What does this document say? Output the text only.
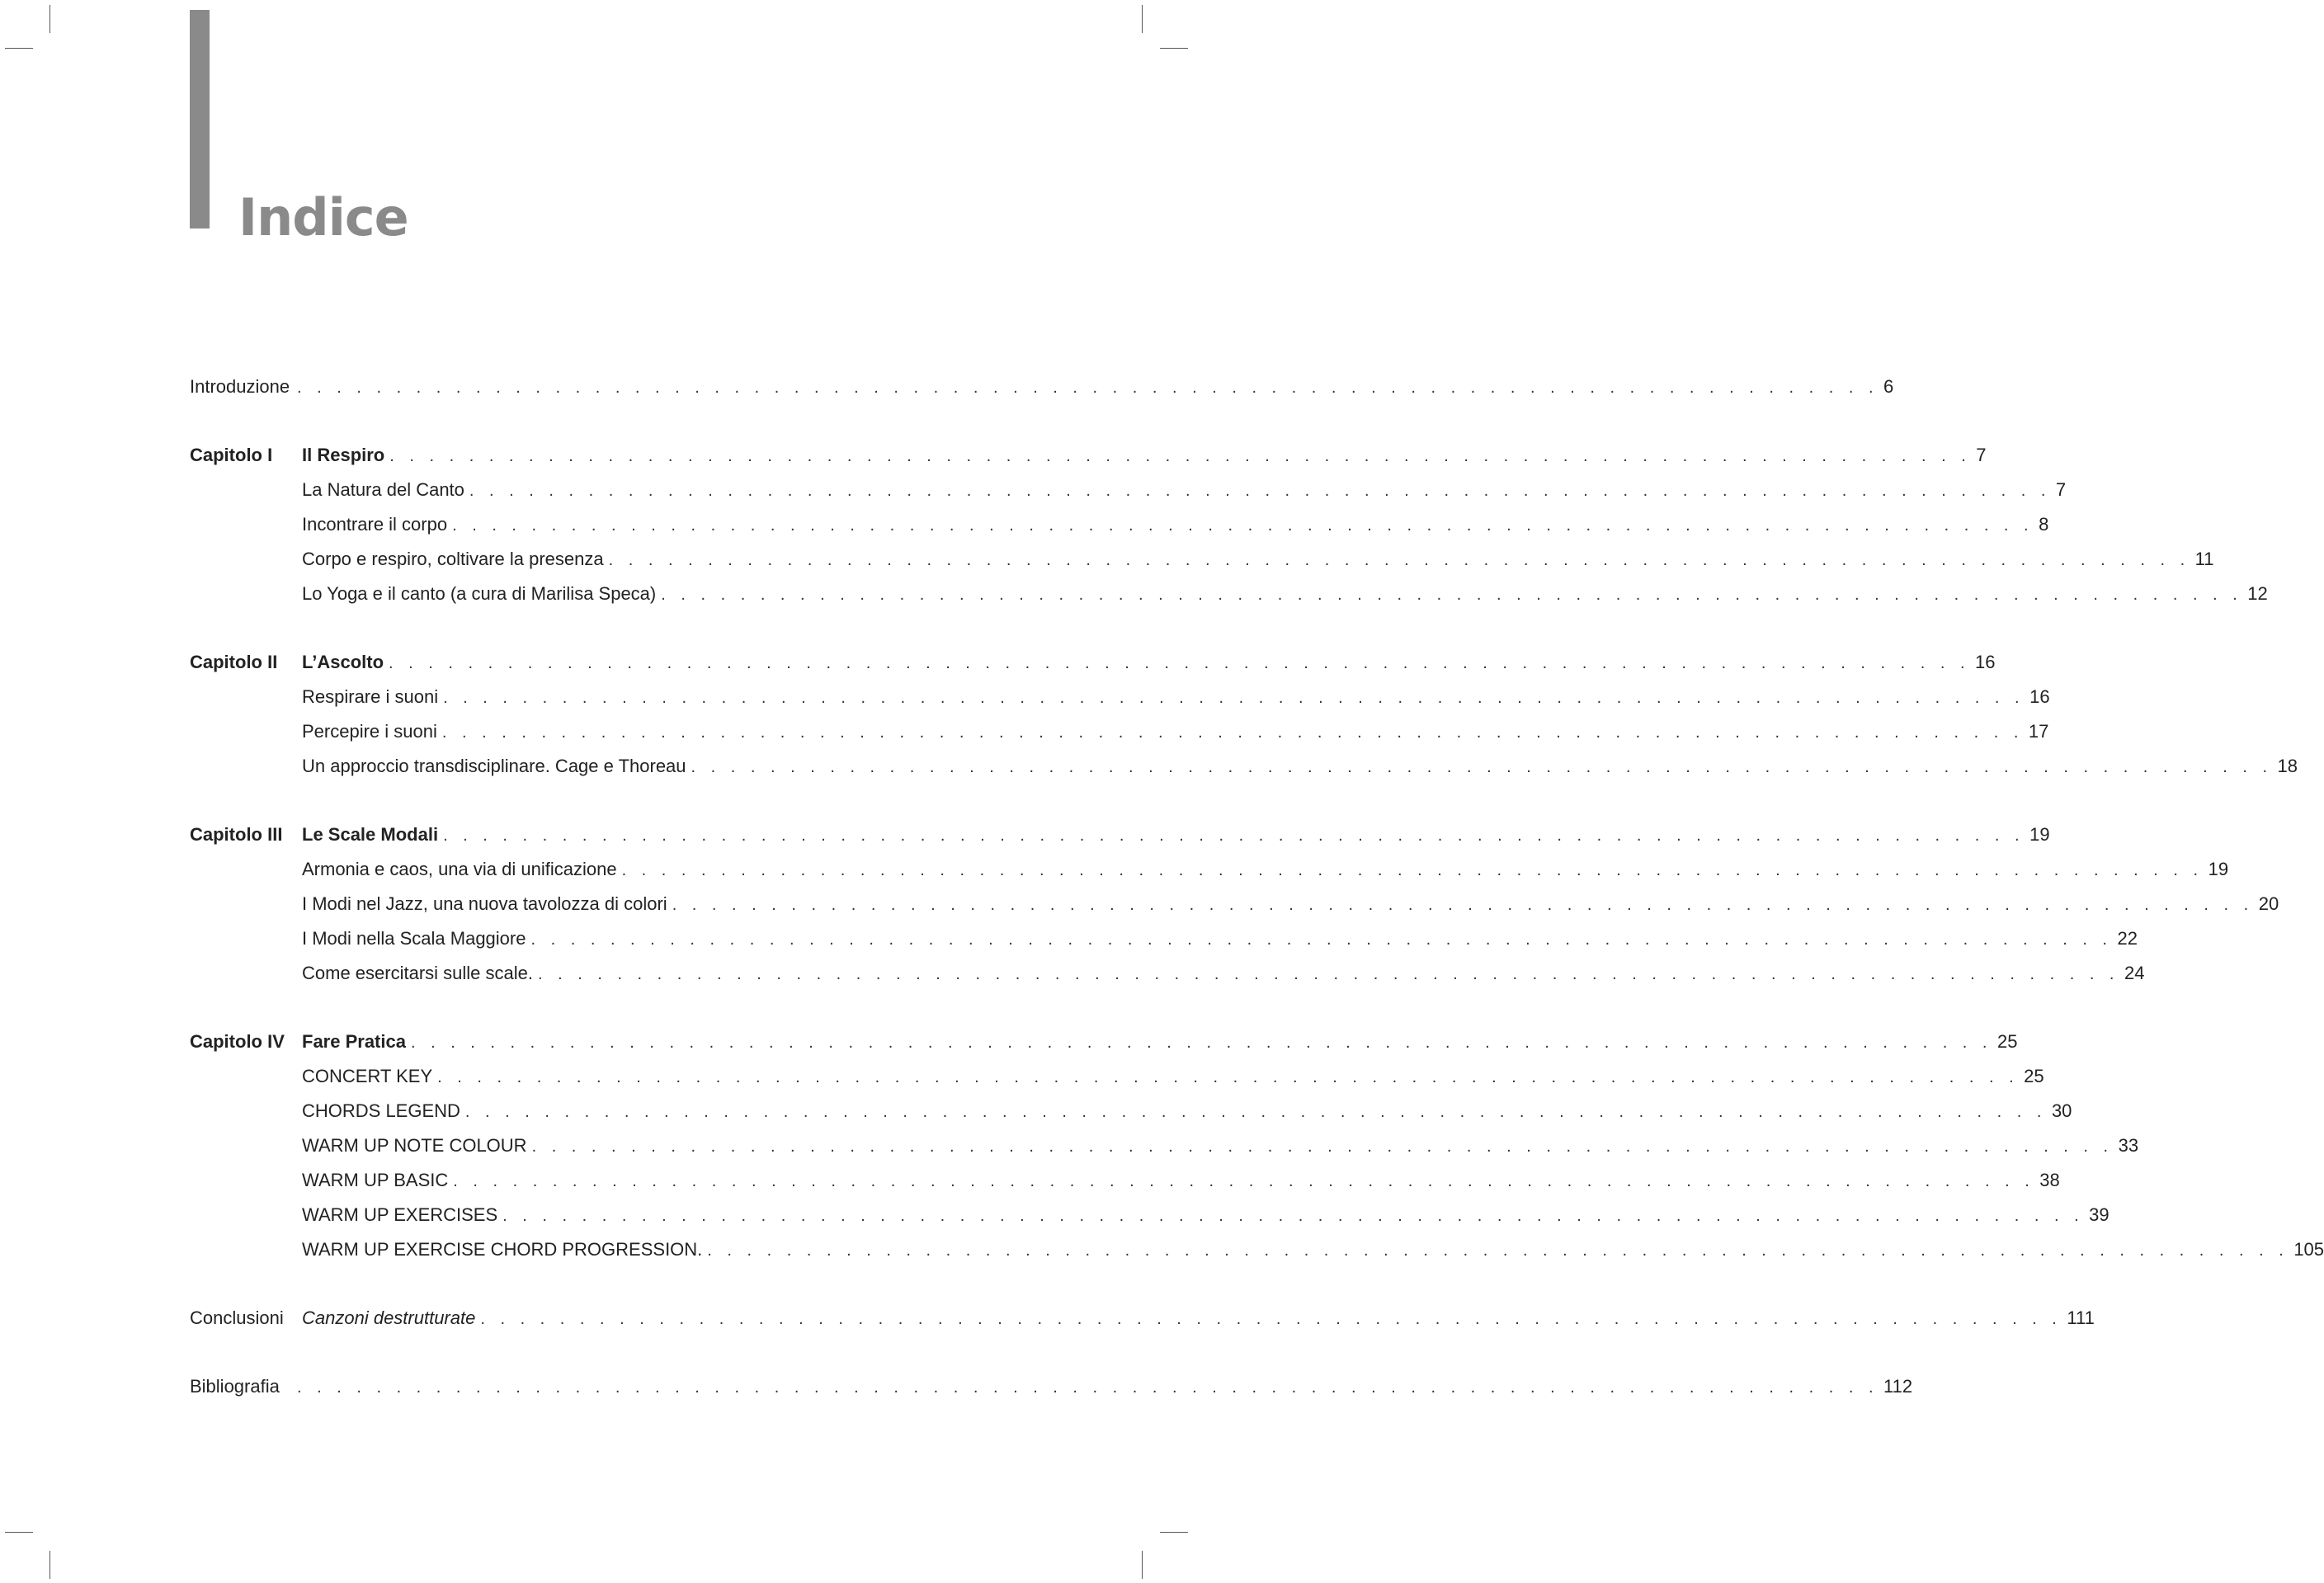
Indice
Introduzione . . . . . . . . . . . . . . . . . . . . . . . . . . . . . . . . . . . . . . . . . . . . . . . . . . . . . . . . . . . . . . . . . . . . . . . . . . . . . . . . 6
Capitolo I Il Respiro . . . . . . . . . . . . . . . . . . . . . . . . . . . . . . . . . . . . . . . . . . . . . . . . . . . . . . . . . . . . . . . . . . . . . . . . . . . . . . . . 7
La Natura del Canto . . . . . . . . . . . . . . . . . . . . . . . . . . . . . . . . . . . . . . . . . . . . . . . . . . . . . . . . . . . . . . . . . . . . . . . . . . . . . . . . 7
Incontrare il corpo . . . . . . . . . . . . . . . . . . . . . . . . . . . . . . . . . . . . . . . . . . . . . . . . . . . . . . . . . . . . . . . . . . . . . . . . . . . . . . . . 8
Corpo e respiro, coltivare la presenza . . . . . . . . . . . . . . . . . . . . . . . . . . . . . . . . . . . . . . . . . . . . . . . . . . . . . . . . . . . . . . . . . . . . . . . . . . . . . . . . 11
Lo Yoga e il canto (a cura di Marilisa Speca) . . . . . . . . . . . . . . . . . . . . . . . . . . . . . . . . . . . . . . . . . . . . . . . . . . . . . . . . . . . . . . . . . . . . . . . . . . . . . . . . 12
Capitolo II L’Ascolto . . . . . . . . . . . . . . . . . . . . . . . . . . . . . . . . . . . . . . . . . . . . . . . . . . . . . . . . . . . . . . . . . . . . . . . . . . . . . . . . 16
Respirare i suoni . . . . . . . . . . . . . . . . . . . . . . . . . . . . . . . . . . . . . . . . . . . . . . . . . . . . . . . . . . . . . . . . . . . . . . . . . . . . . . . . 16
Percepire i suoni . . . . . . . . . . . . . . . . . . . . . . . . . . . . . . . . . . . . . . . . . . . . . . . . . . . . . . . . . . . . . . . . . . . . . . . . . . . . . . . . 17
Un approccio transdisciplinare. Cage e Thoreau . . . . . . . . . . . . . . . . . . . . . . . . . . . . . . . . . . . . . . . . . . . . . . . . . . . . . . . . . . . . . . . . . . . . . . . . . . . . . . . . 18
Capitolo III Le Scale Modali . . . . . . . . . . . . . . . . . . . . . . . . . . . . . . . . . . . . . . . . . . . . . . . . . . . . . . . . . . . . . . . . . . . . . . . . . . . . . . . . 19
Armonia e caos, una via di unificazione . . . . . . . . . . . . . . . . . . . . . . . . . . . . . . . . . . . . . . . . . . . . . . . . . . . . . . . . . . . . . . . . . . . . . . . . . . . . . . . . 19
I Modi nel Jazz, una nuova tavolozza di colori . . . . . . . . . . . . . . . . . . . . . . . . . . . . . . . . . . . . . . . . . . . . . . . . . . . . . . . . . . . . . . . . . . . . . . . . . . . . . . . . 20
I Modi nella Scala Maggiore . . . . . . . . . . . . . . . . . . . . . . . . . . . . . . . . . . . . . . . . . . . . . . . . . . . . . . . . . . . . . . . . . . . . . . . . . . . . . . . . 22
Come esercitarsi sulle scale. . . . . . . . . . . . . . . . . . . . . . . . . . . . . . . . . . . . . . . . . . . . . . . . . . . . . . . . . . . . . . . . . . . . . . . . . . . . . . . . . 24
Capitolo IV Fare Pratica . . . . . . . . . . . . . . . . . . . . . . . . . . . . . . . . . . . . . . . . . . . . . . . . . . . . . . . . . . . . . . . . . . . . . . . . . . . . . . . . 25
CONCERT KEY . . . . . . . . . . . . . . . . . . . . . . . . . . . . . . . . . . . . . . . . . . . . . . . . . . . . . . . . . . . . . . . . . . . . . . . . . . . . . . . . 25
CHORDS LEGEND . . . . . . . . . . . . . . . . . . . . . . . . . . . . . . . . . . . . . . . . . . . . . . . . . . . . . . . . . . . . . . . . . . . . . . . . . . . . . . . . 30
WARM UP NOTE COLOUR . . . . . . . . . . . . . . . . . . . . . . . . . . . . . . . . . . . . . . . . . . . . . . . . . . . . . . . . . . . . . . . . . . . . . . . . . . . . . . . . 33
WARM UP BASIC . . . . . . . . . . . . . . . . . . . . . . . . . . . . . . . . . . . . . . . . . . . . . . . . . . . . . . . . . . . . . . . . . . . . . . . . . . . . . . . . 38
WARM UP EXERCISES . . . . . . . . . . . . . . . . . . . . . . . . . . . . . . . . . . . . . . . . . . . . . . . . . . . . . . . . . . . . . . . . . . . . . . . . . . . . . . . . 39
WARM UP EXERCISE CHORD PROGRESSION. . . . . . . . . . . . . . . . . . . . . . . . . . . . . . . . . . . . . . . . . . . . . . . . . . . . . . . . . . . . . . . . . . . . . . . . . . . . . . . . . 105
Conclusioni Canzoni destrutturate . . . . . . . . . . . . . . . . . . . . . . . . . . . . . . . . . . . . . . . . . . . . . . . . . . . . . . . . . . . . . . . . . . . . . . . . . . . . . . . . 111
Bibliografia . . . . . . . . . . . . . . . . . . . . . . . . . . . . . . . . . . . . . . . . . . . . . . . . . . . . . . . . . . . . . . . . . . . . . . . . . . . . . . . . 112
